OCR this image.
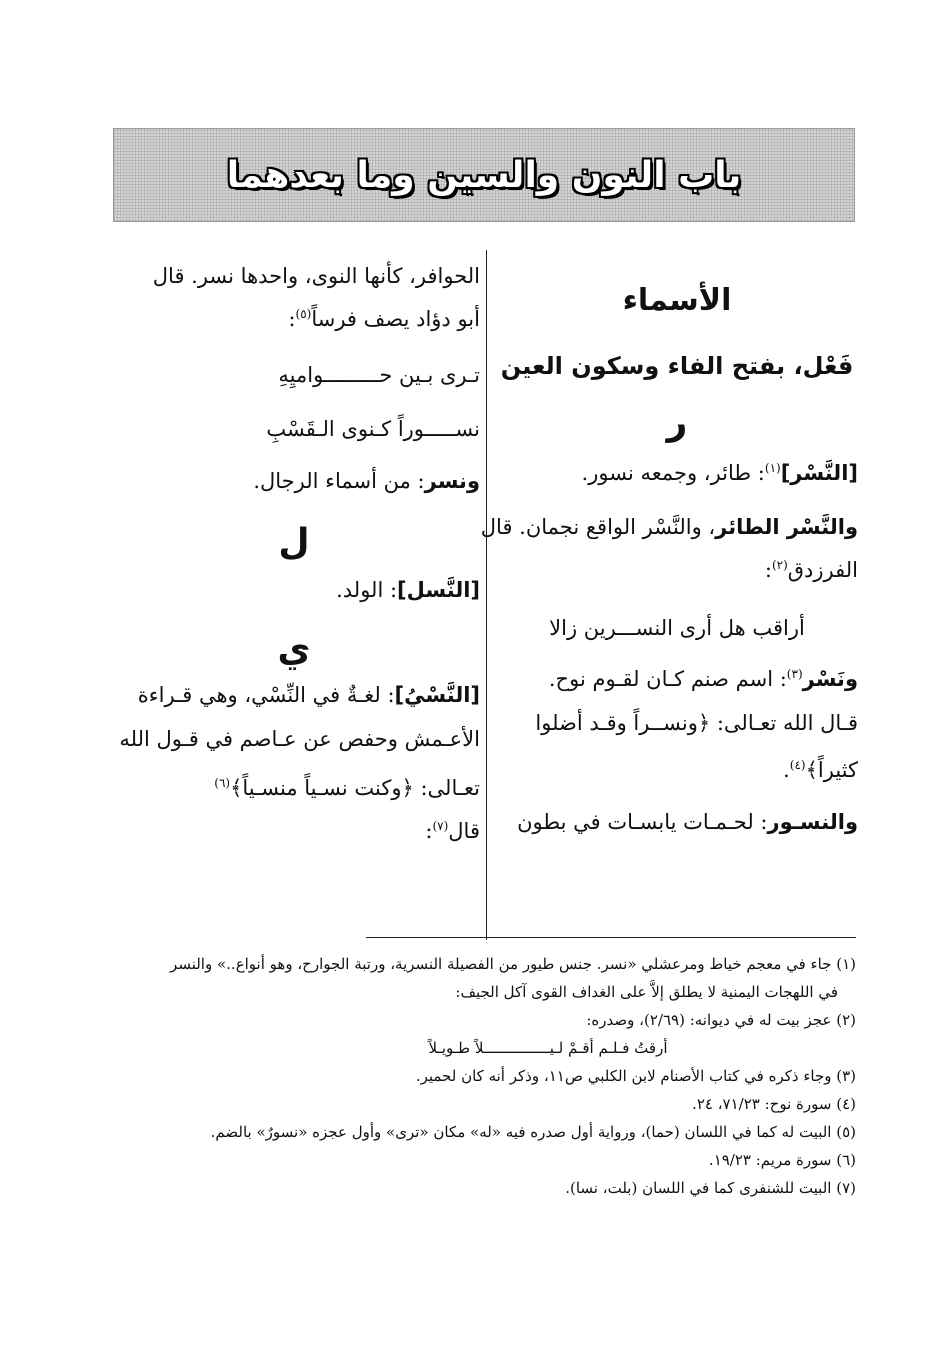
باب النون والسين وما بعدهما
الأسماء
فَعْل، بفتح الفاء وسكون العين
ر
[النَّسْر]$^{(١)}$: طائر، وجمعه نسور.
والنَّسْر الطائر، والنَّسْر الواقع نجمان. قال
الفرزدق$^{(٢)}$:
أراقب هل أرى النســـرين زالا
ونَسْر$^{(٣)}$: اسم صنم كـان لقـوم نوح.
قـال الله تعـالى: ﴿ونســراً وقـد أضلوا
كثيراً﴾$^{(٤)}$.
والنسـور: لحـمـات يابسـات في بطون
الحوافر، كأنها النوى، واحدها نسر. قال
أبو دؤاد يصف فرساً$^{(٥)}$:
تـرى بـين حـــــــــواميِهِ
نســـــوراً كـنوى الـقَسْبِ
ونسر: من أسماء الرجال.
ل
[النَّسل]: الولد.
ي
[النَّسْيُ]: لغـةٌ في النِّسْي، وهي قـراءة
الأعـمش وحفص عن عـاصم في قـول الله
تعـالى: ﴿وكنت نسـياً منسـياً﴾$^{(٦)}$
قال$^{(٧)}$:
(١) جاء في معجم خياط ومرعشلي «نسر. جنس طيور من الفصيلة النسرية، ورتبة الجوارح، وهو أنواع..» والنسر
في اللهجات اليمنية لا يطلق إلاَّ على الغداف القوى آكل الجيف:
(٢) عجز بيت له في ديوانه: (٢/٦٩)، وصدره:
أرقتُ فـلـم أقـمْ لـيـــــــــــــــلاً طـويـلاً
(٣) وجاء ذكره في كتاب الأصنام لابن الكلبي ص١١، وذكر أنه كان لحمير.
(٤) سورة نوح: ٧١/٢٣، ٢٤.
(٥) البيت له كما في اللسان (حما)، ورواية أول صدره فيه «له» مكان «ترى» وأول عجزه «نسورٌ» بالضم.
(٦) سورة مريم: ١٩/٢٣.
(٧) البيت للشنفرى كما في اللسان (بلت، نسا).
